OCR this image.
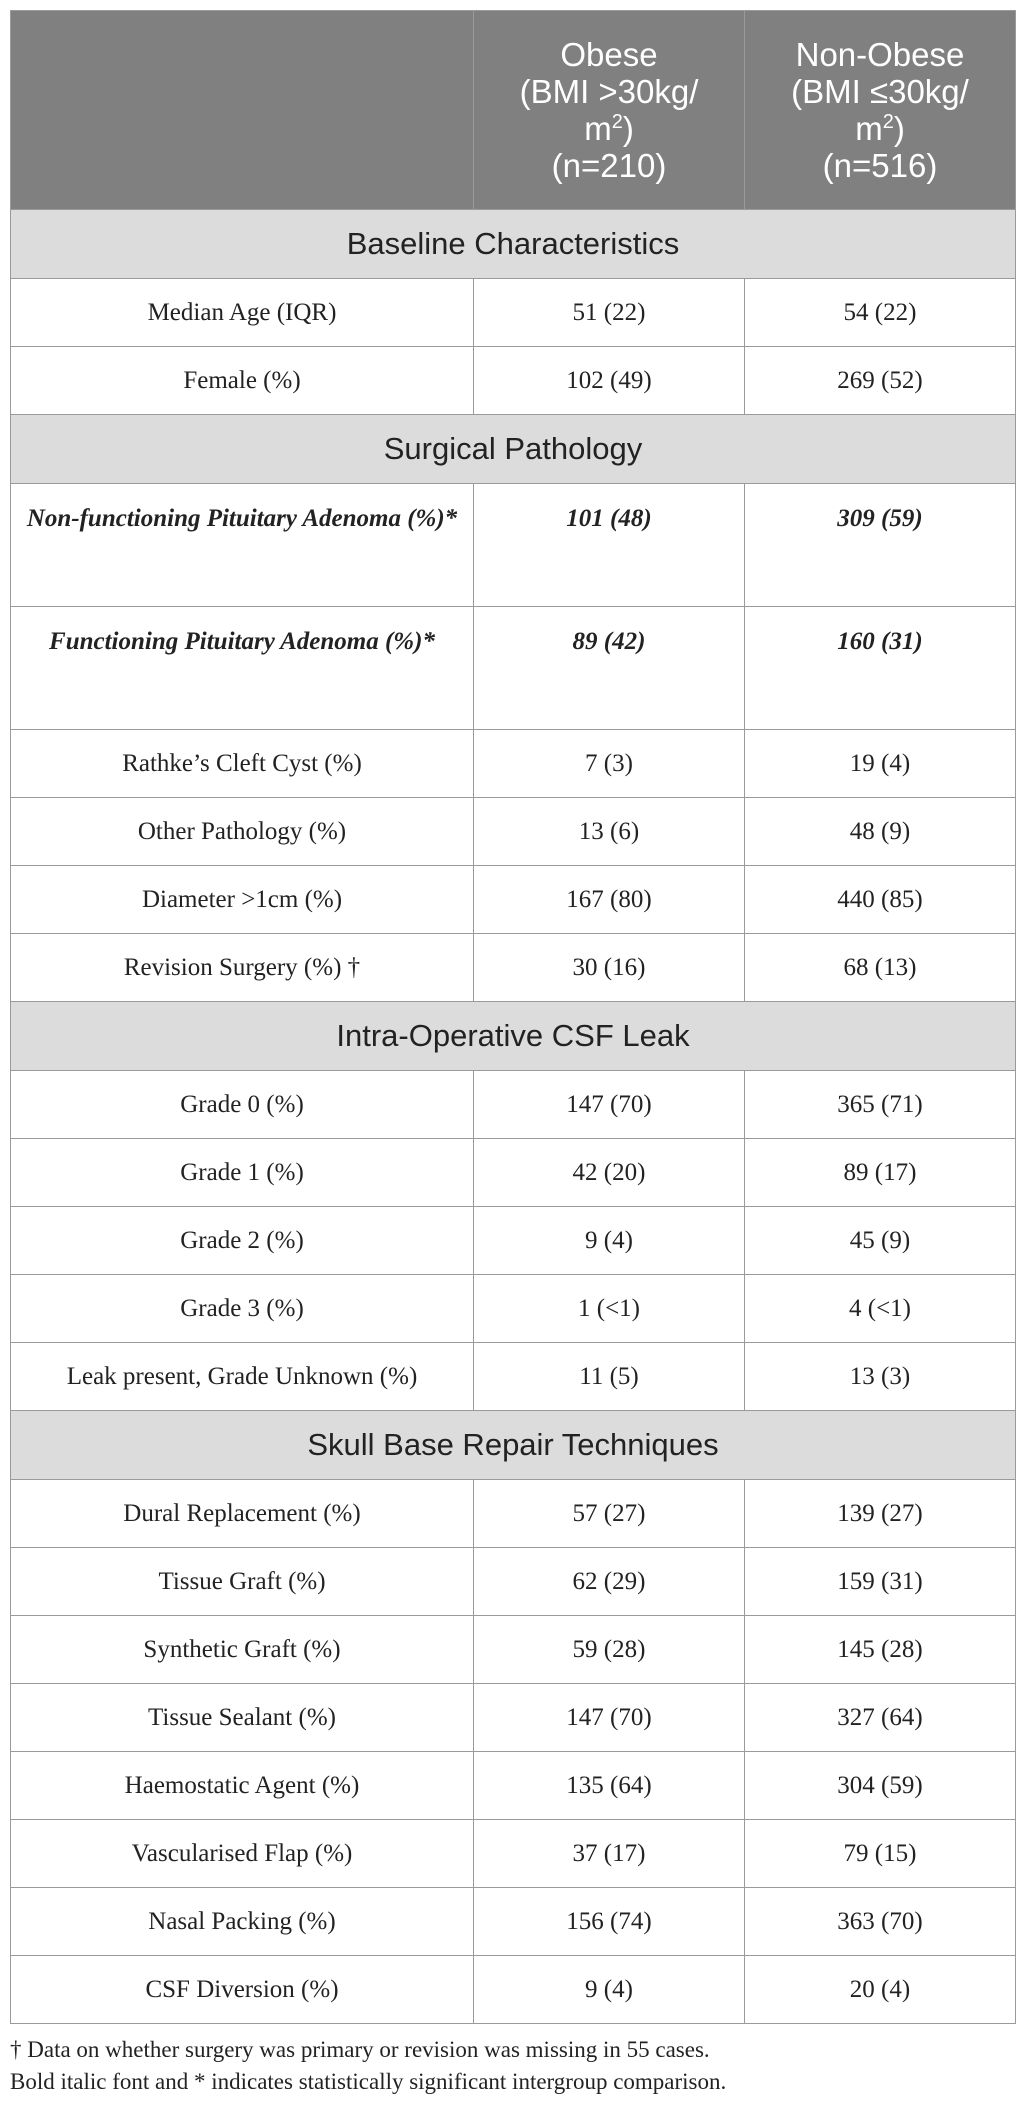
	Obese
(BMI >30kg/
$m^2$)
(n=210)	Non-Obese
(BMI ≤30kg/
$m^2$)
(n=516)
Baseline Characteristics		
Median Age (IQR)	51 (22)	54 (22)
Female (%)	102 (49)	269 (52)
Surgical Pathology		
Non-functioning Pituitary Adenoma (%)*	101 (48)	309 (59)
Functioning Pituitary Adenoma (%)*	89 (42)	160 (31)
Rathke’s Cleft Cyst (%)	7 (3)	19 (4)
Other Pathology (%)	13 (6)	48 (9)
Diameter >1cm (%)	167 (80)	440 (85)
Revision Surgery (%) †	30 (16)	68 (13)
Intra-Operative CSF Leak		
Grade 0 (%)	147 (70)	365 (71)
Grade 1 (%)	42 (20)	89 (17)
Grade 2 (%)	9 (4)	45 (9)
Grade 3 (%)	1 (<1)	4 (<1)
Leak present, Grade Unknown (%)	11 (5)	13 (3)
Skull Base Repair Techniques		
Dural Replacement (%)	57 (27)	139 (27)
Tissue Graft (%)	62 (29)	159 (31)
Synthetic Graft (%)	59 (28)	145 (28)
Tissue Sealant (%)	147 (70)	327 (64)
Haemostatic Agent (%)	135 (64)	304 (59)
Vascularised Flap (%)	37 (17)	79 (15)
Nasal Packing (%)	156 (74)	363 (70)
CSF Diversion (%)	9 (4)	20 (4)
† Data on whether surgery was primary or revision was missing in 55 cases.
Bold italic font and * indicates statistically significant intergroup comparison.
